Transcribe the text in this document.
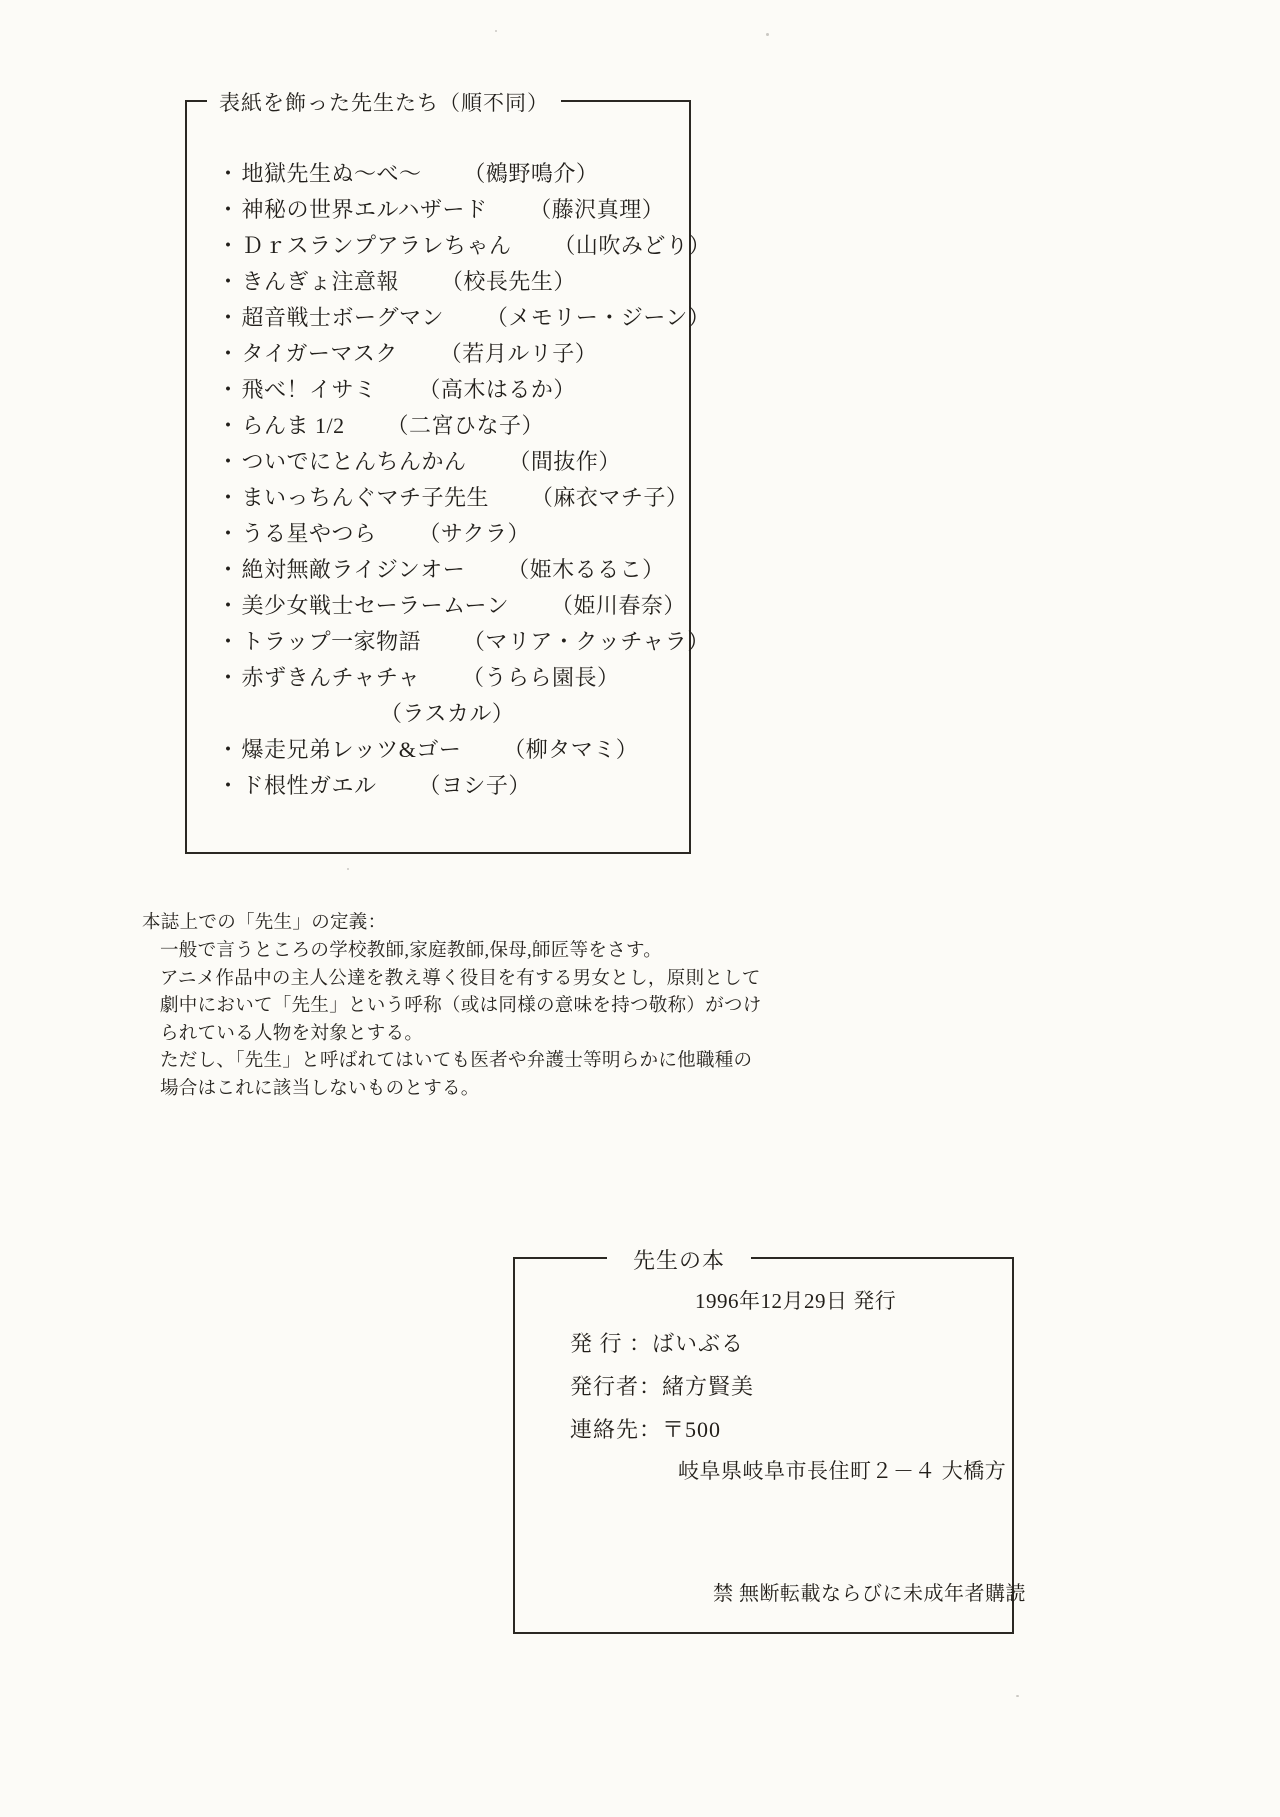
表紙を飾った先生たち（順不同）
・地獄先生ぬ～べ～ （鵺野鳴介）
・神秘の世界エルハザード （藤沢真理）
・Ｄｒスランプアラレちゃん （山吹みどり）
・きんぎょ注意報 （校長先生）
・超音戦士ボーグマン （メモリー・ジーン）
・タイガーマスク （若月ルリ子）
・飛べ！イサミ （高木はるか）
・らんま 1/2 （二宮ひな子）
・ついでにとんちんかん （間抜作）
・まいっちんぐマチ子先生 （麻衣マチ子）
・うる星やつら （サクラ）
・絶対無敵ライジンオー （姫木るるこ）
・美少女戦士セーラームーン （姫川春奈）
・トラップ一家物語 （マリア・クッチャラ）
・赤ずきんチャチャ （うらら園長）
（ラスカル）
・爆走兄弟レッツ&ゴー （柳タマミ）
・ド根性ガエル （ヨシ子）
本誌上での「先生」の定義：
一般で言うところの学校教師,家庭教師,保母,師匠等をさす。
アニメ作品中の主人公達を教え導く役目を有する男女とし，原則として
劇中において「先生」という呼称（或は同様の意味を持つ敬称）がつけ
られている人物を対象とする。
ただし、「先生」と呼ばれてはいても医者や弁護士等明らかに他職種の
場合はこれに該当しないものとする。
先生の本
1996年12月29日 発行
発 行 ：ばいぶる
発行者：緒方賢美
連絡先：〒500
岐阜県岐阜市長住町２－４ 大橋方
禁 無断転載ならびに未成年者購読
